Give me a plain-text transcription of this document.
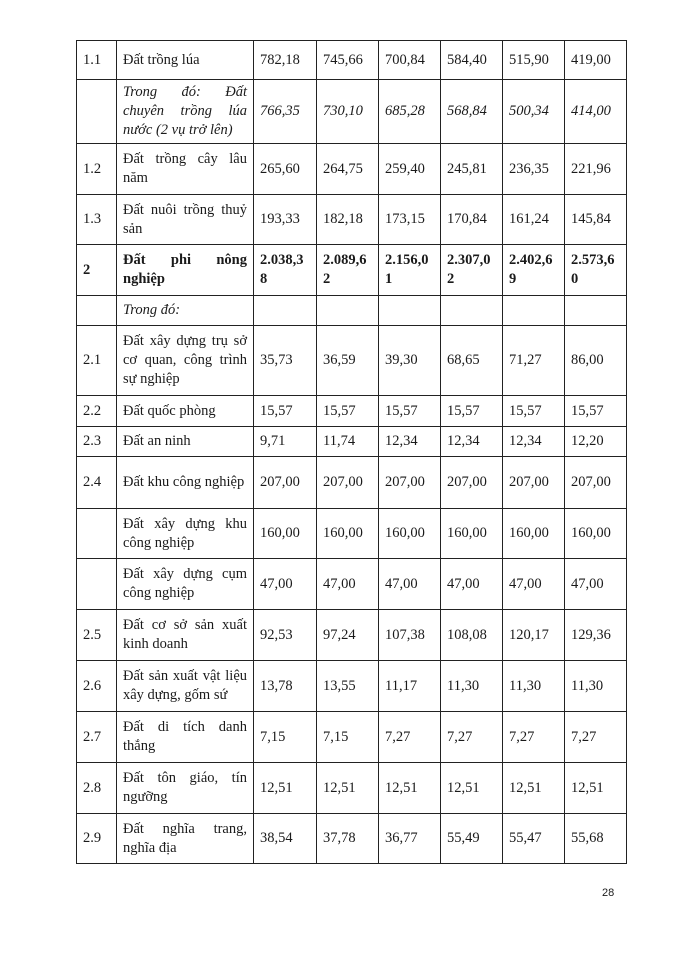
1.1	Đất trồng lúa	782,18	745,66	700,84	584,40	515,90	419,00
	Trong đó: Đất chuyên trồng lúa nước (2 vụ trở lên)	766,35	730,10	685,28	568,84	500,34	414,00
1.2	Đất trồng cây lâu năm	265,60	264,75	259,40	245,81	236,35	221,96
1.3	Đất nuôi trồng thuỷ sản	193,33	182,18	173,15	170,84	161,24	145,84
2	Đất phi nông nghiệp	2.038,38	2.089,62	2.156,01	2.307,02	2.402,69	2.573,60
	Trong đó:						
2.1	Đất xây dựng trụ sở cơ quan, công trình sự nghiệp	35,73	36,59	39,30	68,65	71,27	86,00
2.2	Đất quốc phòng	15,57	15,57	15,57	15,57	15,57	15,57
2.3	Đất an ninh	9,71	11,74	12,34	12,34	12,34	12,20
2.4	Đất khu công nghiệp	207,00	207,00	207,00	207,00	207,00	207,00
	Đất xây dựng khu công nghiệp	160,00	160,00	160,00	160,00	160,00	160,00
	Đất xây dựng cụm công nghiệp	47,00	47,00	47,00	47,00	47,00	47,00
2.5	Đất cơ sở sản xuất kinh doanh	92,53	97,24	107,38	108,08	120,17	129,36
2.6	Đất sản xuất vật liệu xây dựng, gốm sứ	13,78	13,55	11,17	11,30	11,30	11,30
2.7	Đất di tích danh thắng	7,15	7,15	7,27	7,27	7,27	7,27
2.8	Đất tôn giáo, tín ngưỡng	12,51	12,51	12,51	12,51	12,51	12,51
2.9	Đất nghĩa trang, nghĩa địa	38,54	37,78	36,77	55,49	55,47	55,68
28
